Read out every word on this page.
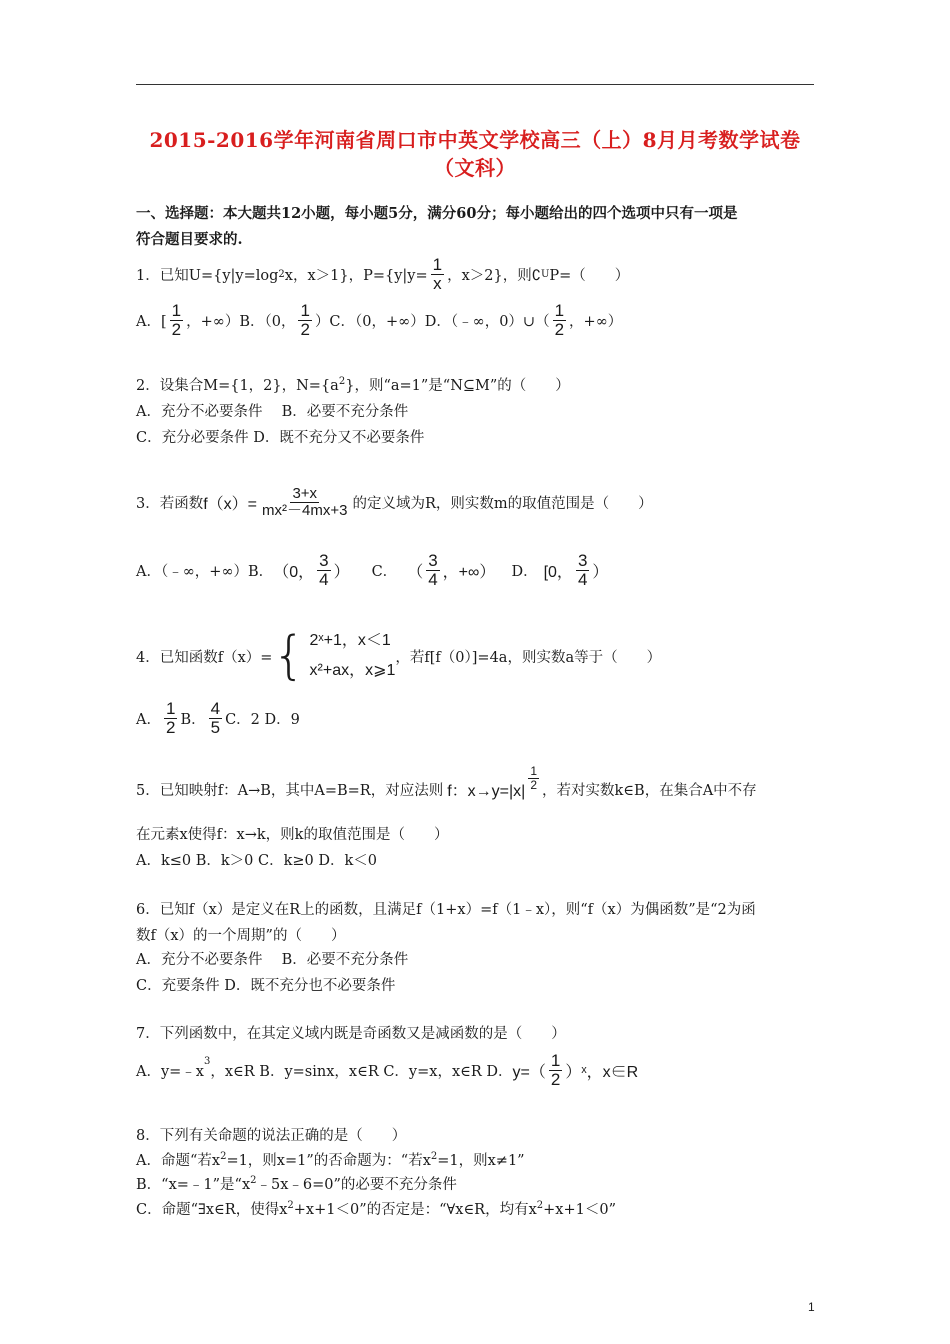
2015-2016学年河南省周口市中英文学校高三（上）8月月考数学试卷
（文科）
一、选择题：本大题共12小题，每小题5分，满分60分；每小题给出的四个选项中只有一项是
符合题目要求的.
1．已知U={y|y=log 2 x，x＞1}，$P=\{y|y= \frac{1}{x}$ ，x＞2}，则∁ U P=（　　）
A．[ $\frac{1}{2}$ ，+∞）B．（0， $\frac{1}{2} )C$．（0，+∞）D．（﹣∞，0）∪（ $\frac{1}{2}$ ，+∞）
2．设集合M={1，2}，$N=\{a^2\}$，则“a=1”是“N⊆M”的（　　）
A．充分不必要条件　 B．必要不充分条件
C．充分必要条件 D．既不充分又不必要条件
3．若函数 $f(x)= \frac{3+x}{\text{mx²－4mx+3}}$ 的定义域为R，则实数m的取值范围是（　　）
A．（﹣∞，+∞）B． （0， $\frac{3}{4}$ ） C． （ $\frac{3}{4}$ ，+∞） D． [0， $\frac{3}{4}$ ）
4．已知函数f（x）= { 2ˣ+1，x＜1
x²+ax，x⩾1
，若f[f（0）]=4a，则实数a等于（　　）
A． $\frac{1}{2}$ B． $\frac{4}{5}$ C．2 D．9
5．已知映射f：A→B，其中A=B=R，对应法则 f：$x\to y=|x| \frac{1}{2}$ ，若对实数k∈B，在集合A中不存
在元素x使得f：x→k，则k的取值范围是（　　）
A．k≤0 B．k＞0 C．k≥0 D．k＜0
6．已知f（x）是定义在R上的函数，且满足f（1+x）=f（1﹣x），则“f（x）为偶函数”是“2为函
数f（x）的一个周期”的（　　）
A．充分不必要条件　 B．必要不充分条件
C．充要条件 D．既不充分也不必要条件
7．下列函数中，在其定义域内既是奇函数又是减函数的是（　　）
A．y=﹣x
$^3$
，x∈R B．y=sinx，x∈R C．y=x，x∈R D． $y=( \frac{1}{2}$ ）ˣ，x∈R
8．下列有关命题的说法正确的是（　　）
A．命题“若$x^2=1$，则x=1”的否命题为：“若$x^2=1$，则x≠1”
B．“x=﹣1”是“$x^2﹣5x﹣6=0$”的必要不充分条件
C．命题“∃x∈R，使得$x^2+x+1<0$”的否定是：“∀x∈R，均有$x^2+x+1<0$”
1
